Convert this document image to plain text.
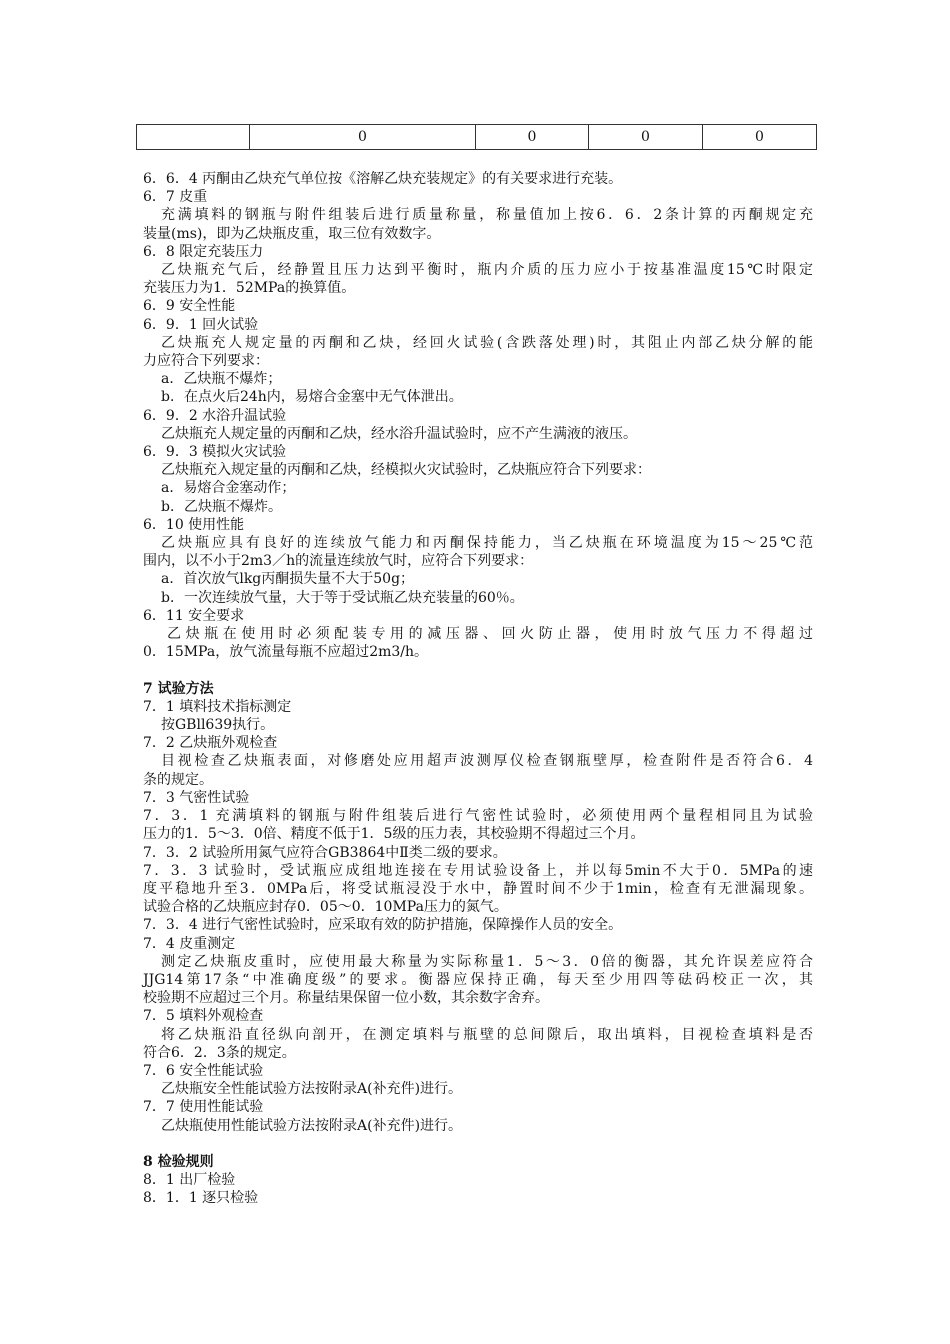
	0	0	0	0

6．6．4 丙酮由乙炔充气单位按《溶解乙炔充装规定》的有关要求进行充装。

6．7 皮重

充满填料的钢瓶与附件组装后进行质量称量，称量值加上按6．6．2条计算的丙酮规定充

装量(ms)，即为乙炔瓶皮重，取三位有效数字。

6．8 限定充装压力

乙炔瓶充气后，经静置且压力达到平衡时，瓶内介质的压力应小于按基准温度15℃时限定

充装压力为1．52MPa的换算值。

6．9 安全性能

6．9．1 回火试验

乙炔瓶充人规定量的丙酮和乙炔，经回火试验(含跌落处理)时，其阻止内部乙炔分解的能

力应符合下列要求：

a．乙炔瓶不爆炸；

b．在点火后24h内，易熔合金塞中无气体泄出。

6．9．2 水浴升温试验

乙炔瓶充人规定量的丙酮和乙炔，经水浴升温试验时，应不产生满液的液压。

6．9．3 模拟火灾试验

乙炔瓶充入规定量的丙酮和乙炔，经模拟火灾试验时，乙炔瓶应符合下列要求：

a．易熔合金塞动作；

b．乙炔瓶不爆炸。

6．10 使用性能

乙炔瓶应具有良好的连续放气能力和丙酮保持能力，当乙炔瓶在环境温度为15～25℃范

围内，以不小于2m3／h的流量连续放气时，应符合下列要求：

a．首次放气lkg丙酮损失量不大于50g；

b．一次连续放气量，大于等于受试瓶乙炔充装量的60％。

6．11 安全要求

乙炔瓶在使用时必须配装专用的减压器、回火防止器，使用时放气压力不得超过

0．15MPa，放气流量每瓶不应超过2m3/h。

7 试验方法

7．1 填料技术指标测定

按GBll639执行。

7．2 乙炔瓶外观检查

目视检查乙炔瓶表面，对修磨处应用超声波测厚仪检查钢瓶壁厚，检查附件是否符合6．4

条的规定。

7．3 气密性试验

7．3．1 充满填料的钢瓶与附件组装后进行气密性试验时，必须使用两个量程相同且为试验

压力的1．5～3．0倍、精度不低于1．5级的压力表，其校验期不得超过三个月。

7．3．2 试验所用氮气应符合GB3864中Ⅱ类二级的要求。

7．3．3 试验时，受试瓶应成组地连接在专用试验设备上，并以每5min不大于0．5MPa的速

度平稳地升至3．0MPa后，将受试瓶浸没于水中，静置时间不少于1min，检查有无泄漏现象。

试验合格的乙炔瓶应封存0．05～0．10MPa压力的氮气。

7．3．4 进行气密性试验时，应采取有效的防护措施，保障操作人员的安全。

7．4 皮重测定

测定乙炔瓶皮重时，应使用最大称量为实际称量1．5～3．0倍的衡器，其允许误差应符合

JJG14第17条“中准确度级”的要求。衡器应保持正确，每天至少用四等砝码校正一次，其

校验期不应超过三个月。称量结果保留一位小数，其余数字舍弃。

7．5 填料外观检查

将乙炔瓶沿直径纵向剖开，在测定填料与瓶壁的总间隙后，取出填料，目视检查填料是否

符合6．2．3条的规定。

7．6 安全性能试验

乙炔瓶安全性能试验方法按附录A(补充件)进行。

7．7 使用性能试验

乙炔瓶使用性能试验方法按附录A(补充件)进行。

8 检验规则

8．1 出厂检验

8．1．1 逐只检验
